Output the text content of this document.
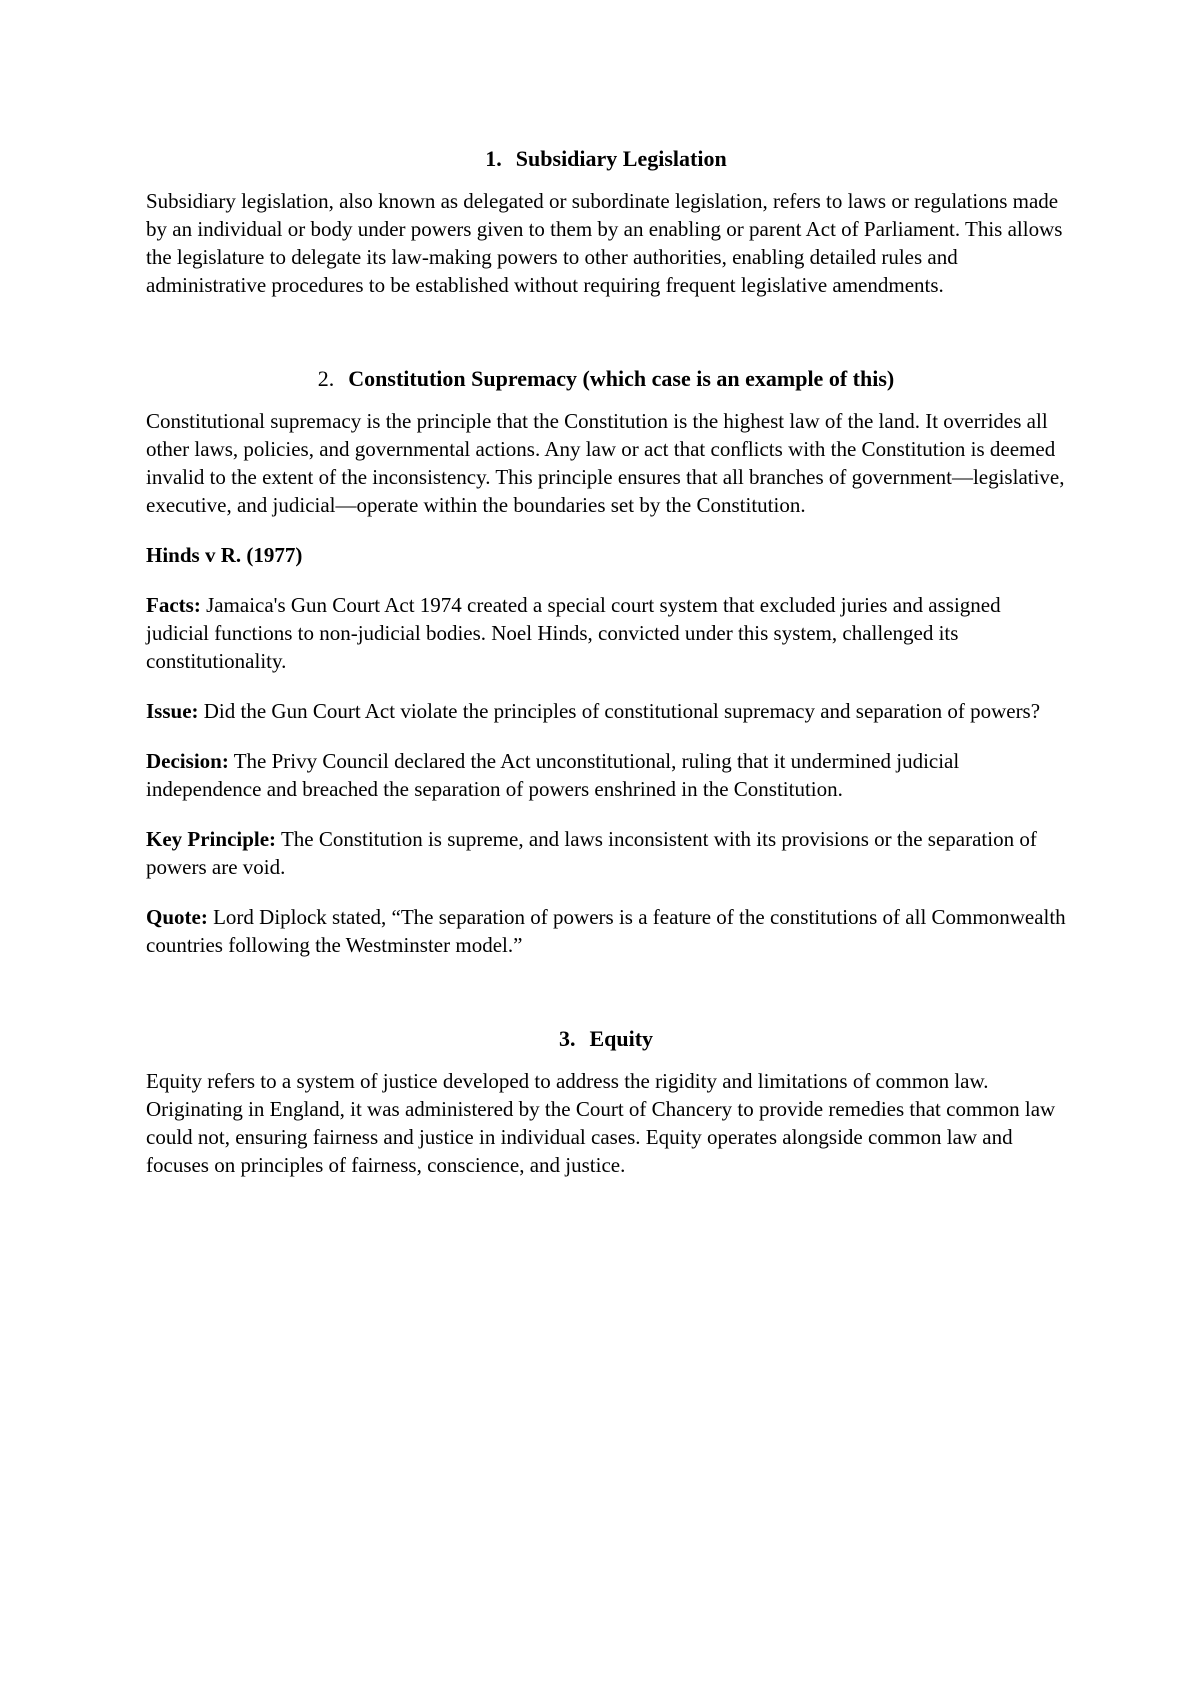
1. Subsidiary Legislation

Subsidiary legislation, also known as delegated or subordinate legislation, refers to laws or regulations made by an individual or body under powers given to them by an enabling or parent Act of Parliament. This allows the legislature to delegate its law-making powers to other authorities, enabling detailed rules and administrative procedures to be established without requiring frequent legislative amendments.

2. Constitution Supremacy (which case is an example of this)

Constitutional supremacy is the principle that the Constitution is the highest law of the land. It overrides all other laws, policies, and governmental actions. Any law or act that conflicts with the Constitution is deemed invalid to the extent of the inconsistency. This principle ensures that all branches of government—legislative, executive, and judicial—operate within the boundaries set by the Constitution.

Hinds v R. (1977)

Facts: Jamaica's Gun Court Act 1974 created a special court system that excluded juries and assigned judicial functions to non-judicial bodies. Noel Hinds, convicted under this system, challenged its constitutionality.

Issue: Did the Gun Court Act violate the principles of constitutional supremacy and separation of powers?

Decision: The Privy Council declared the Act unconstitutional, ruling that it undermined judicial independence and breached the separation of powers enshrined in the Constitution.

Key Principle: The Constitution is supreme, and laws inconsistent with its provisions or the separation of powers are void.

Quote: Lord Diplock stated, “The separation of powers is a feature of the constitutions of all Commonwealth countries following the Westminster model.”

3. Equity

Equity refers to a system of justice developed to address the rigidity and limitations of common law. Originating in England, it was administered by the Court of Chancery to provide remedies that common law could not, ensuring fairness and justice in individual cases. Equity operates alongside common law and focuses on principles of fairness, conscience, and justice.
